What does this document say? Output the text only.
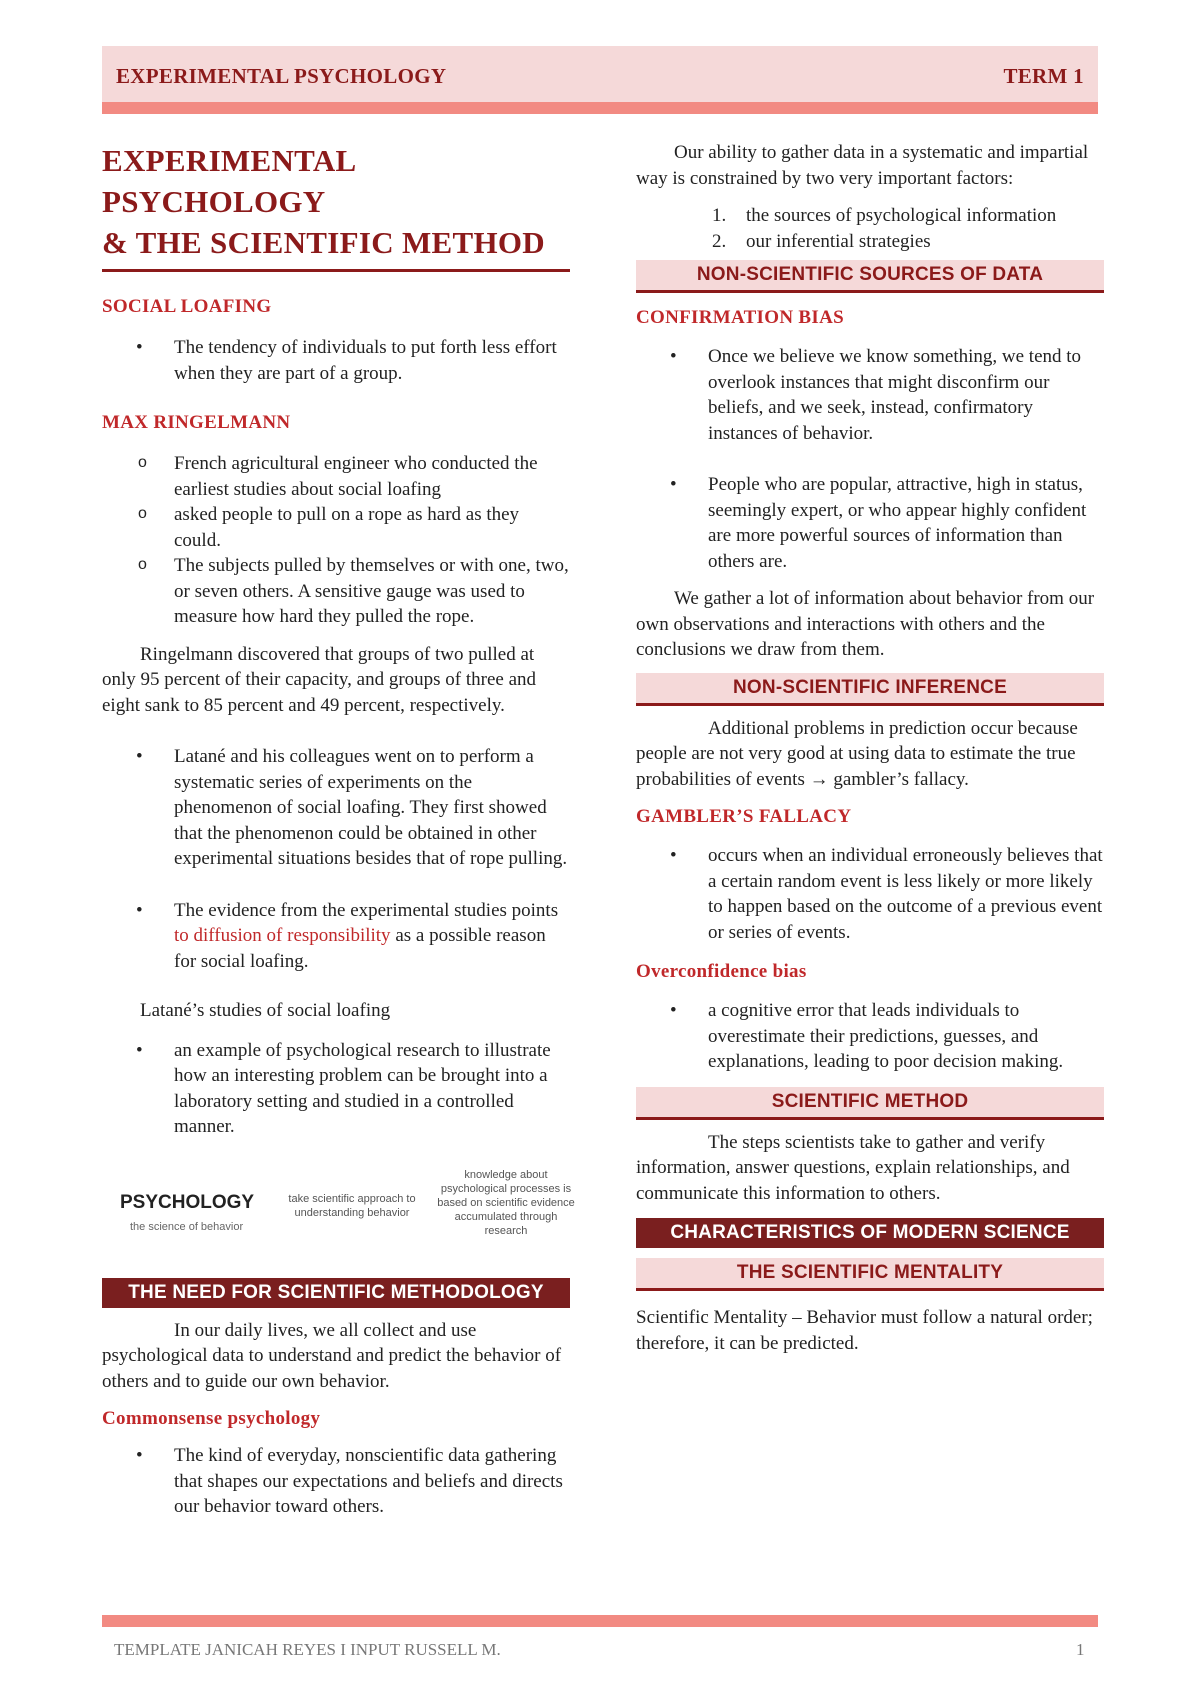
EXPERIMENTAL PSYCHOLOGY	TERM 1
EXPERIMENTAL PSYCHOLOGY
& THE SCIENTIFIC METHOD
SOCIAL LOAFING
• The tendency of individuals to put forth less effort when they are part of a group.
MAX RINGELMANN
o French agricultural engineer who conducted the earliest studies about social loafing
o asked people to pull on a rope as hard as they could.
o The subjects pulled by themselves or with one, two, or seven others. A sensitive gauge was used to measure how hard they pulled the rope.

Ringelmann discovered that groups of two pulled at only 95 percent of their capacity, and groups of three and eight sank to 85 percent and 49 percent, respectively.

• Latané and his colleagues went on to perform a systematic series of experiments on the phenomenon of social loafing. They first showed that the phenomenon could be obtained in other experimental situations besides that of rope pulling.
• The evidence from the experimental studies points to diffusion of responsibility as a possible reason for social loafing.

Latané’s studies of social loafing

• an example of psychological research to illustrate how an interesting problem can be brought into a laboratory setting and studied in a controlled manner.
PSYCHOLOGY
the science of behavior
take scientific approach to understanding behavior
knowledge about psychological processes is based on scientific evidence accumulated through research
THE NEED FOR SCIENTIFIC METHODOLOGY

In our daily lives, we all collect and use psychological data to understand and predict the behavior of others and to guide our own behavior.

Commonsense psychology
• The kind of everyday, nonscientific data gathering that shapes our expectations and beliefs and directs our behavior toward others.

Our ability to gather data in a systematic and impartial way is constrained by two very important factors:

1. the sources of psychological information
2. our inferential strategies
NON-SCIENTIFIC SOURCES OF DATA
CONFIRMATION BIAS
• Once we believe we know something, we tend to overlook instances that might disconfirm our beliefs, and we seek, instead, confirmatory instances of behavior.
• People who are popular, attractive, high in status, seemingly expert, or who appear highly confident are more powerful sources of information than others are.

We gather a lot of information about behavior from our own observations and interactions with others and the conclusions we draw from them.

NON-SCIENTIFIC INFERENCE

Additional problems in prediction occur because people are not very good at using data to estimate the true probabilities of events → gambler’s fallacy.

GAMBLER’S FALLACY
• occurs when an individual erroneously believes that a certain random event is less likely or more likely to happen based on the outcome of a previous event or series of events.
Overconfidence bias
• a cognitive error that leads individuals to overestimate their predictions, guesses, and explanations, leading to poor decision making.
SCIENTIFIC METHOD

The steps scientists take to gather and verify information, answer questions, explain relationships, and communicate this information to others.

CHARACTERISTICS OF MODERN SCIENCE
THE SCIENTIFIC MENTALITY

Scientific Mentality – Behavior must follow a natural order; therefore, it can be predicted.

TEMPLATE JANICAH REYES I INPUT RUSSELL M.	1
